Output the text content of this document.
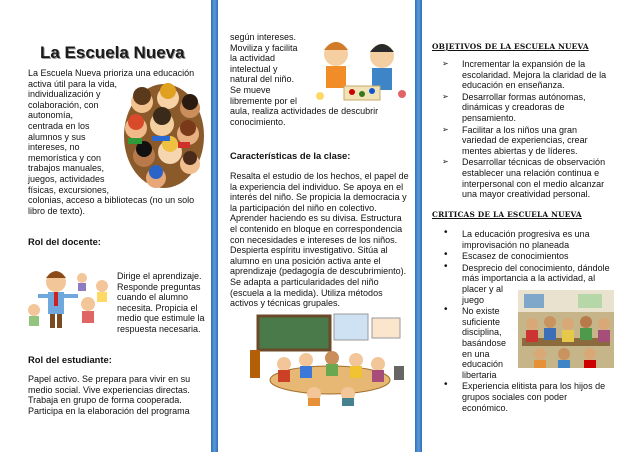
La Escuela Nueva
La Escuela Nueva prioriza una educación
activa útil para la vida,
individualización y
colaboración, con
autonomía,
centrada en los
alumnos y sus
intereses, no
memorística y con
trabajos manuales,
juegos, actividades
físicas, excursiones,
colonias, acceso a bibliotecas (no un solo
libro de texto).
Rol del docente:
Dirige el aprendizaje.
Responde preguntas
cuando el alumno
necesita. Propicia el
medio que estimule la
respuesta necesaria.
Rol del estudiante:
Papel activo. Se prepara para vivir en su
medio social. Vive experiencias directas.
Trabaja en grupo de forma cooperada.
Participa en la elaboración del programa
según intereses.
Moviliza y facilita
la actividad
intelectual y
natural del niño.
Se mueve
libremente por el
aula, realiza actividades de descubrir
conocimiento.
Características de la clase:
Resalta el estudio de los hechos, el papel de
la experiencia del individuo. Se apoya en el
interés del niño. Se propicia la democracia y
la participación del niño en colectivo.
Aprender haciendo es su divisa. Estructura
el contenido en bloque en correspondencia
con necesidades e intereses de los niños.
Despierta espíritu investigativo. Sitúa al
alumno en una posición activa ante el
aprendizaje (pedagogía de descubrimiento).
Se adapta a particularidades del niño
(escuela a la medida). Utiliza métodos
activos y técnicas grupales.
OBJETIVOS DE LA ESCUELA NUEVA
➢ Incrementar la expansión de la
escolaridad. Mejora la claridad de la
educación en enseñanza.
➢ Desarrollar formas autónomas,
dinámicas y creadoras de
pensamiento.
➢ Facilitar a los niños una gran
variedad de experiencias, crear
mentes abiertas y de líderes.
➢ Desarrollar técnicas de observación
establecer una relación continua e
interpersonal con el medio alcanzar
una mayor creatividad personal.
CRITICAS DE LA ESCUELA NUEVA
• La educación progresiva es una
improvisación no planeada
• Escasez de conocimientos
• Desprecio del conocimiento, dándole
más importancia a la actividad, al
placer y al
juego
• No existe
suficiente
disciplina,
basándose
en una
educación
libertaria
• Experiencia elitista para los hijos de
grupos sociales con poder
económico.
